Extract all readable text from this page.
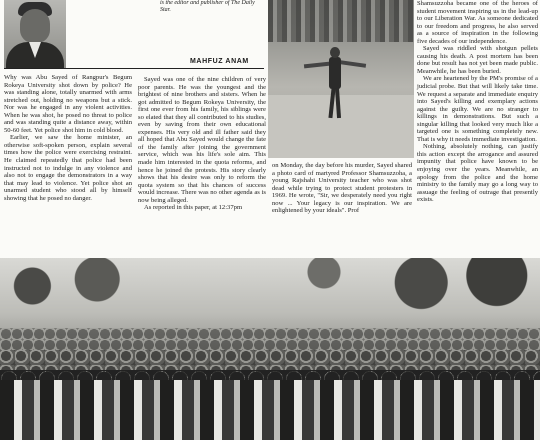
is the editor and publisher of The Daily Star.
MAHFUZ ANAM

Why was Abu Sayed of Rangpur's Begum Rokeya University shot down by police? He was standing alone, totally unarmed with arms stretched out, holding no weapons but a stick. Nor was he engaged in any violent activities. When he was shot, he posed no threat to police and was standing quite a distance away, within 50-60 feet. Yet police shot him in cold blood.

Earlier, we saw the home minister, an otherwise soft-spoken person, explain several times how the police were exercising restraint. He claimed repeatedly that police had been instructed not to indulge in any violence and also not to engage the demonstrators in a way that may lead to violence. Yet police shot an unarmed student who stood all by himself showing that he posed no danger.

Sayed was one of the nine children of very poor parents. He was the youngest and the brightest of nine brothers and sisters. When he got admitted to Begum Rokeya University, the first one ever from his family, his siblings were so elated that they all contributed to his studies, even by saving from their own educational expenses. His very old and ill father said they all hoped that Abu Sayed would change the fate of the family after joining the government service, which was his life's sole aim. This made him interested in the quota reforms, and hence he joined the protests. His story clearly shows that his desire was only to reform the quota system so that his chances of success would increase. There was no other agenda as is now being alleged.

As reported in this paper, at 12:37pm

on Monday, the day before his murder, Sayed shared a photo card of martyred Professor Shamsuzzoha, a young Rajshahi University teacher who was shot dead while trying to protect student protesters in 1969. He wrote, "Sir, we desperately need you right now ... Your legacy is our inspiration. We are enlightened by your ideals". Prof

Shamsuzzoha became one of the heroes of student movement inspiring us in the lead-up to our Liberation War. As someone dedicated to our freedom and progress, he also served as a source of inspiration in the following five decades of our independence.

Sayed was riddled with shotgun pellets causing his death. A post mortem has been done but result has not yet been made public. Meanwhile, he has been buried.

We are heartened by the PM's promise of a judicial probe. But that will likely take time. We request a separate and immediate enquiry into Sayed's killing and exemplary actions against the guilty. We are no stranger to killings in demonstrations. But such a singular killing that looked very much like a targeted one is something completely new. That is why it needs immediate investigation.

Nothing, absolutely nothing, can justify this action except the arrogance and assured impunity that police have known to be enjoying over the years. Meanwhile, an apology from the police and the home ministry to the family may go a long way to assuage the feeling of outrage that presently exists.
